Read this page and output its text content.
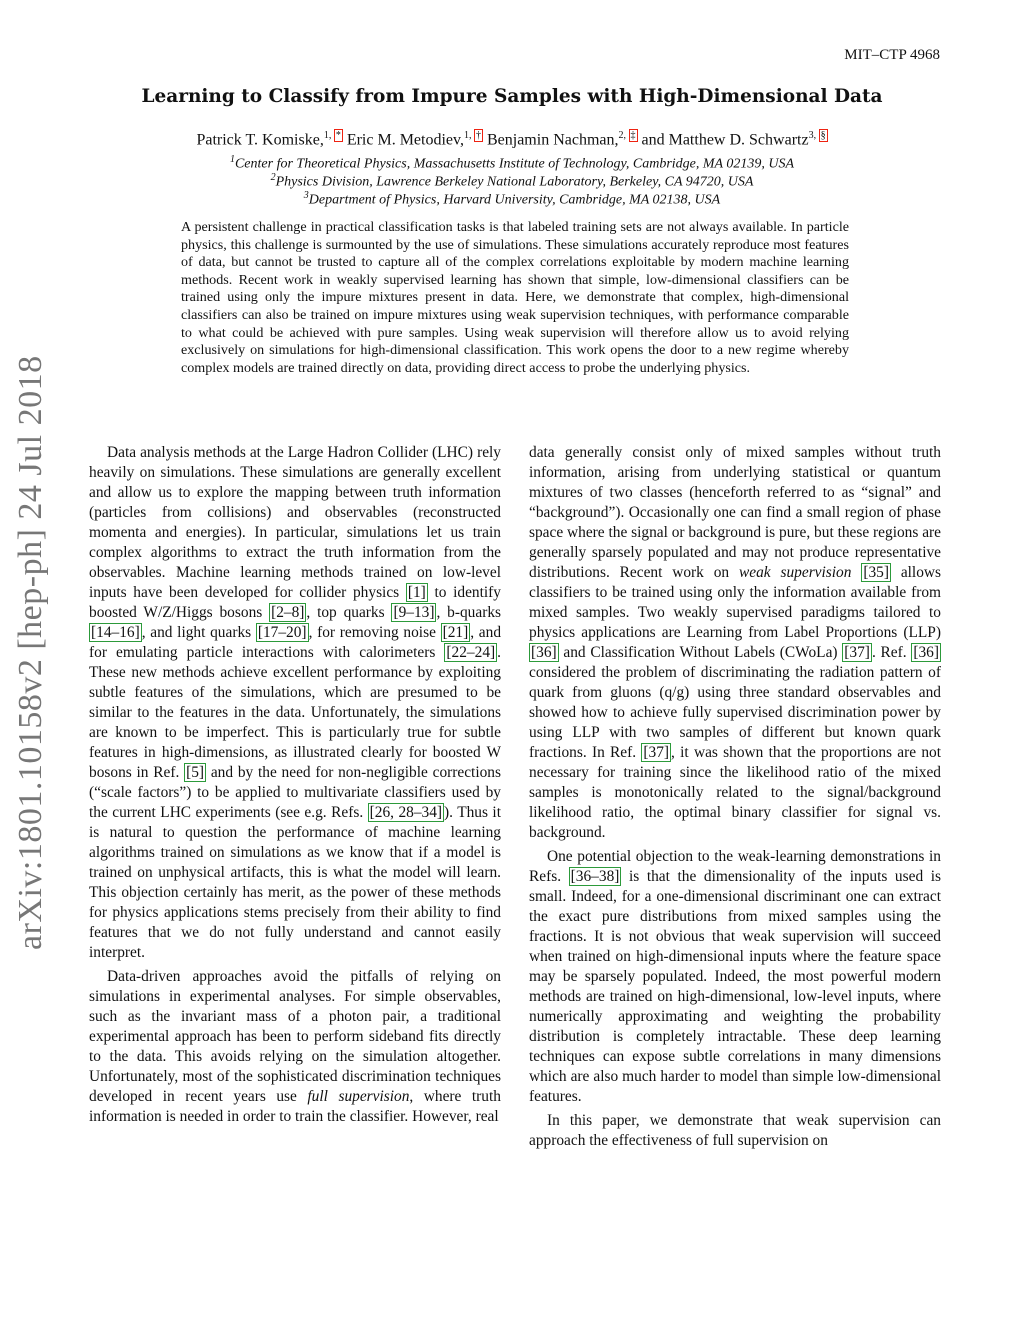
MIT–CTP 4968
arXiv:1801.10158v2 [hep-ph] 24 Jul 2018
Learning to Classify from Impure Samples with High-Dimensional Data
Patrick T. Komiske,$^{1,}$ * Eric M. Metodiev,$^{1,}$ † Benjamin Nachman,$^{2,}$ ‡ and Matthew D. Schwartz$^{3,}$ §
$^1$Center for Theoretical Physics, Massachusetts Institute of Technology, Cambridge, MA 02139, USA
$^2$Physics Division, Lawrence Berkeley National Laboratory, Berkeley, CA 94720, USA
$^3$Department of Physics, Harvard University, Cambridge, MA 02138, USA
A persistent challenge in practical classification tasks is that labeled training sets are not always available. In particle physics, this challenge is surmounted by the use of simulations. These simulations accurately reproduce most features of data, but cannot be trusted to capture all of the complex correlations exploitable by modern machine learning methods. Recent work in weakly supervised learning has shown that simple, low-dimensional classifiers can be trained using only the impure mixtures present in data. Here, we demonstrate that complex, high-dimensional classifiers can also be trained on impure mixtures using weak supervision techniques, with performance comparable to what could be achieved with pure samples. Using weak supervision will therefore allow us to avoid relying exclusively on simulations for high-dimensional classification. This work opens the door to a new regime whereby complex models are trained directly on data, providing direct access to probe the underlying physics.

Data analysis methods at the Large Hadron Collider (LHC) rely heavily on simulations. These simulations are generally excellent and allow us to explore the mapping between truth information (particles from collisions) and observables (reconstructed momenta and energies). In particular, simulations let us train complex algorithms to extract the truth information from the observables. Machine learning methods trained on low-level inputs have been developed for collider physics [1] to identify boosted W/Z/Higgs bosons [2–8] , top quarks [9–13] , b-quarks [14–16] , and light quarks [17–20] , for removing noise [21] , and for emulating particle interactions with calorimeters [22–24] . These new methods achieve excellent performance by exploiting subtle features of the simulations, which are presumed to be similar to the features in the data. Unfortunately, the simulations are known to be imperfect. This is particularly true for subtle features in high-dimensions, as illustrated clearly for boosted W bosons in Ref. [5] and by the need for non-negligible corrections (“scale factors”) to be applied to multivariate classifiers used by the current LHC experiments (see e.g. Refs. [26, 28–34] ). Thus it is natural to question the performance of machine learning algorithms trained on simulations as we know that if a model is trained on unphysical artifacts, this is what the model will learn. This objection certainly has merit, as the power of these methods for physics applications stems precisely from their ability to find features that we do not fully understand and cannot easily interpret.

Data-driven approaches avoid the pitfalls of relying on simulations in experimental analyses. For simple observables, such as the invariant mass of a photon pair, a traditional experimental approach has been to perform sideband fits directly to the data. This avoids relying on the simulation altogether. Unfortunately, most of the sophisticated discrimination techniques developed in recent years use full supervision, where truth information is needed in order to train the classifier. However, real

data generally consist only of mixed samples without truth information, arising from underlying statistical or quantum mixtures of two classes (henceforth referred to as “signal” and “background”). Occasionally one can find a small region of phase space where the signal or background is pure, but these regions are generally sparsely populated and may not produce representative distributions. Recent work on weak supervision [35] allows classifiers to be trained using only the information available from mixed samples. Two weakly supervised paradigms tailored to physics applications are Learning from Label Proportions (LLP) [36] and Classification Without Labels (CWoLa) [37] . Ref. [36] considered the problem of discriminating the radiation pattern of quark from gluons (q/g) using three standard observables and showed how to achieve fully supervised discrimination power by using LLP with two samples of different but known quark fractions. In Ref. [37] , it was shown that the proportions are not necessary for training since the likelihood ratio of the mixed samples is monotonically related to the signal/background likelihood ratio, the optimal binary classifier for signal vs. background.

One potential objection to the weak-learning demonstrations in Refs. [36–38] is that the dimensionality of the inputs used is small. Indeed, for a one-dimensional discriminant one can extract the exact pure distributions from mixed samples using the fractions. It is not obvious that weak supervision will succeed when trained on high-dimensional inputs where the feature space may be sparsely populated. Indeed, the most powerful modern methods are trained on high-dimensional, low-level inputs, where numerically approximating and weighting the probability distribution is completely intractable. These deep learning techniques can expose subtle correlations in many dimensions which are also much harder to model than simple low-dimensional features.

In this paper, we demonstrate that weak supervision can approach the effectiveness of full supervision on
